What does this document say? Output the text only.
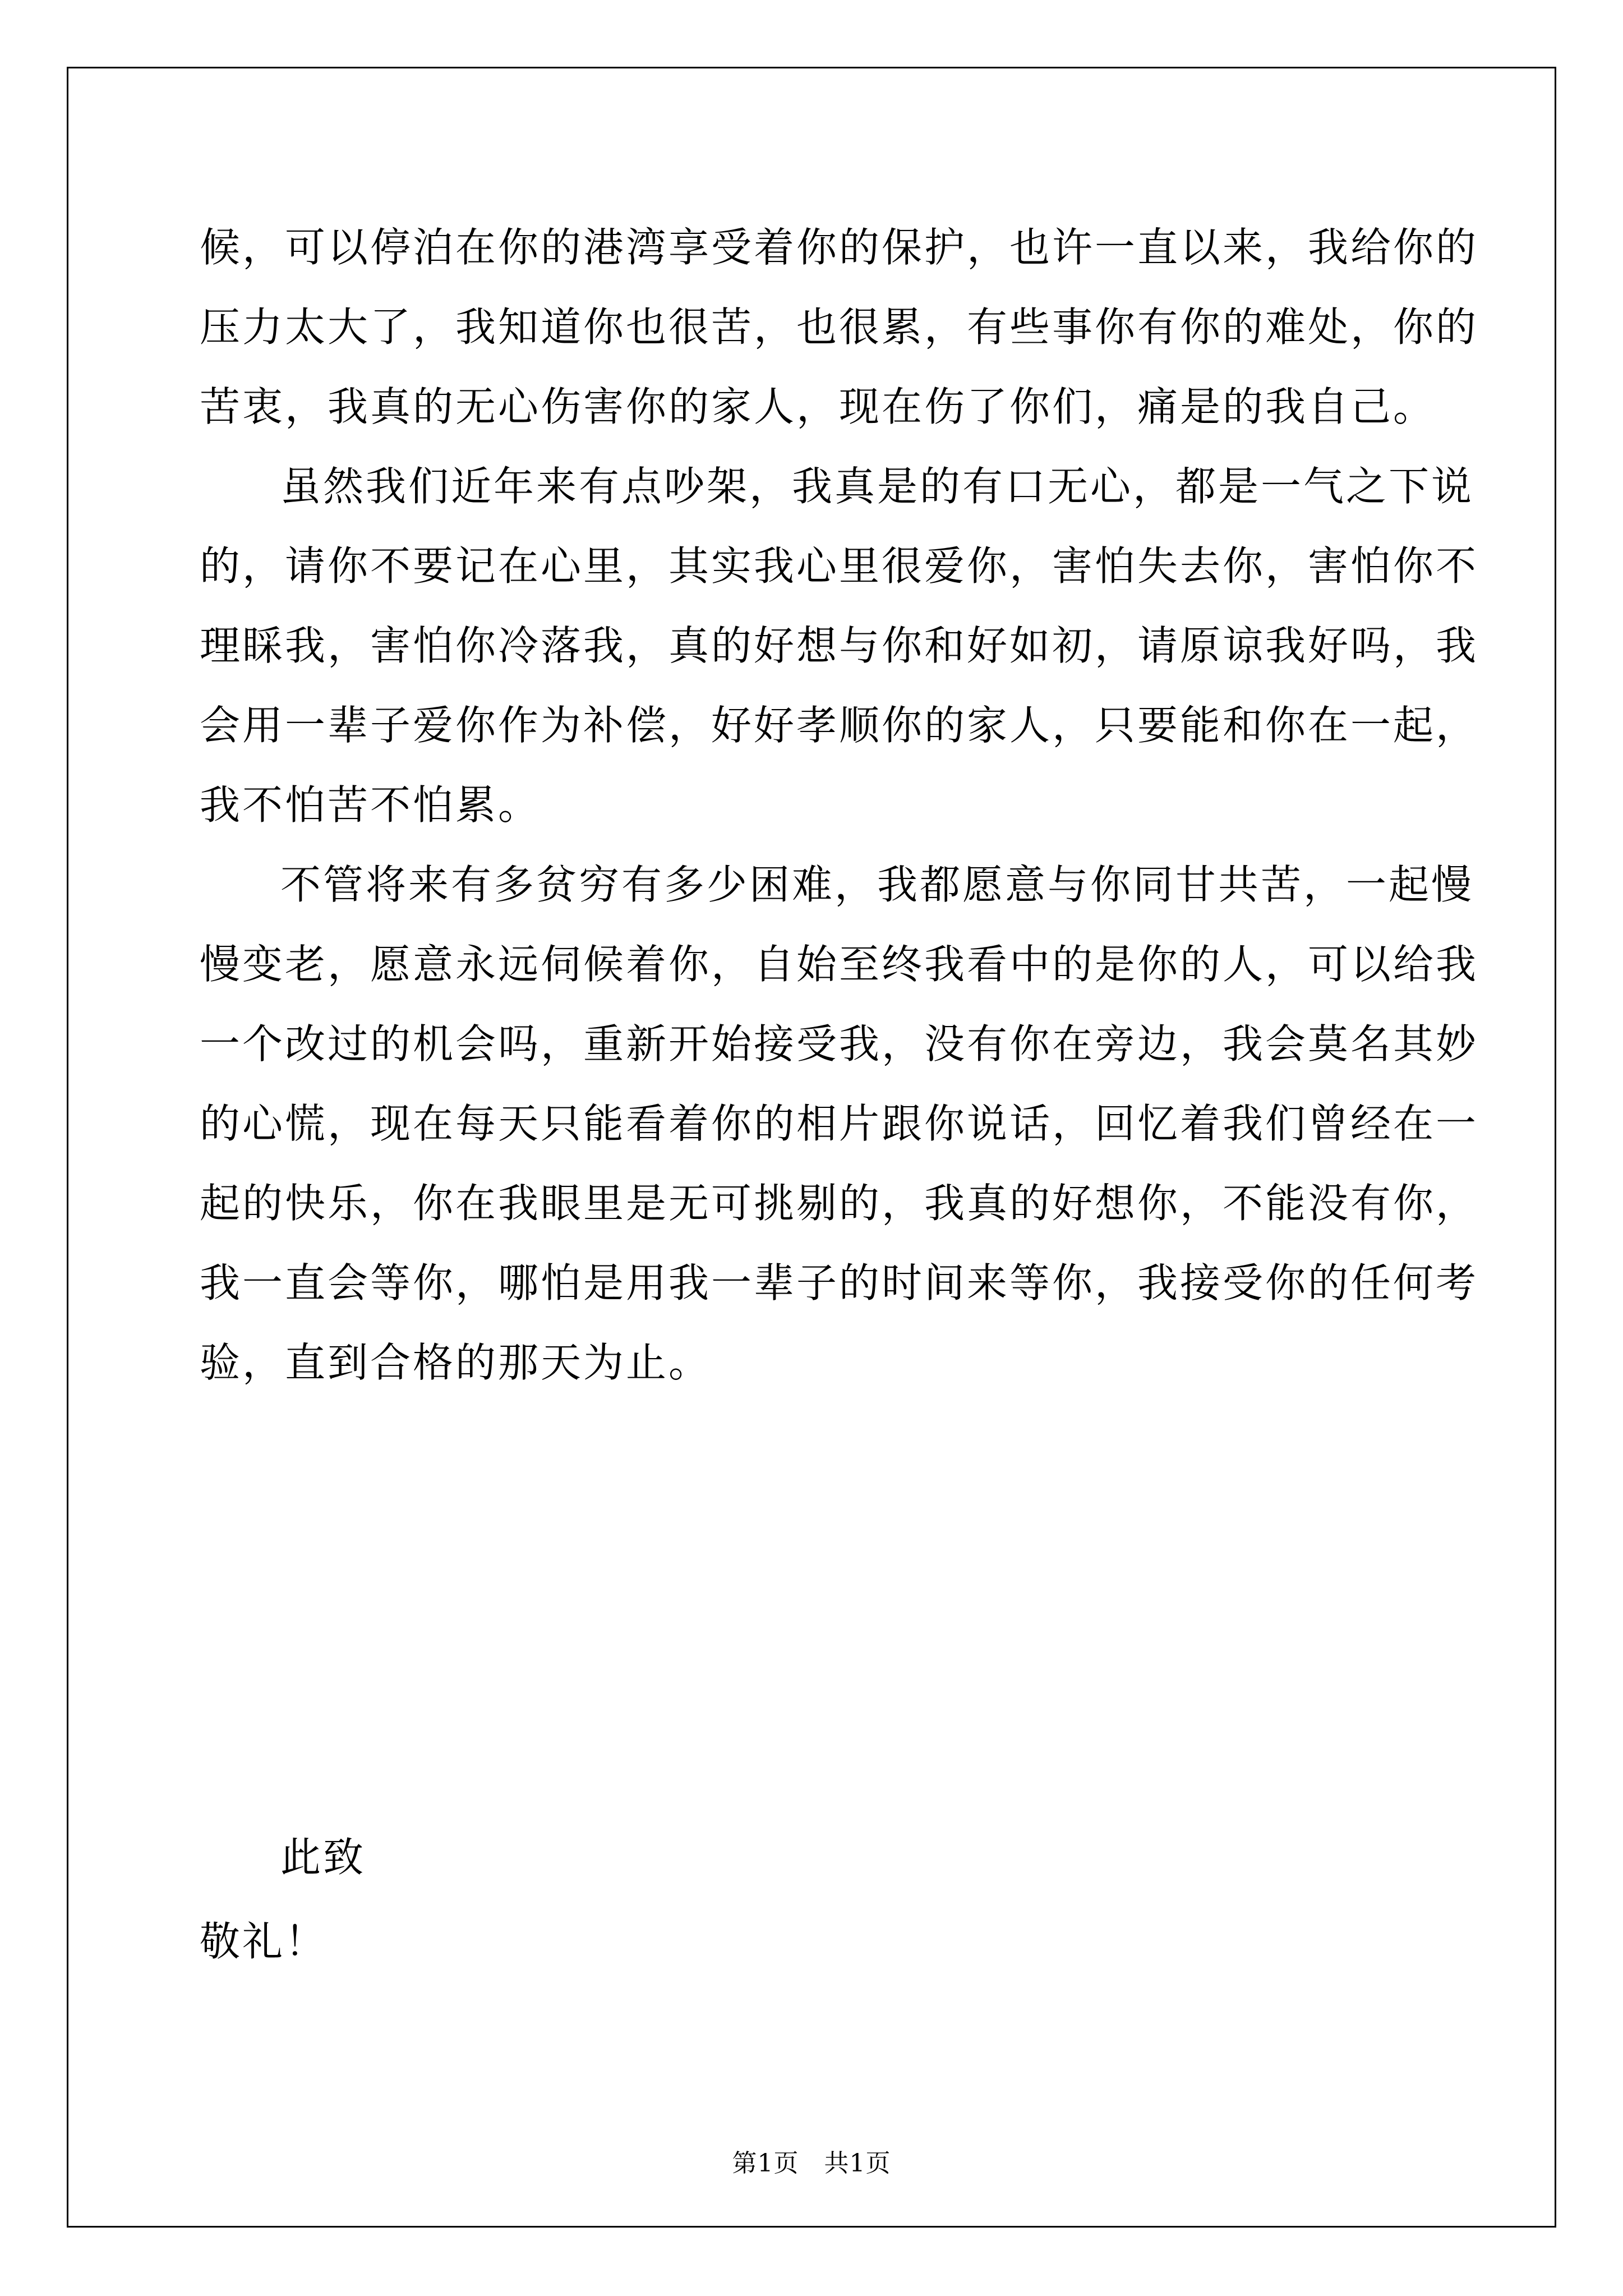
候，可以停泊在你的港湾享受着你的保护，也许一直以来，我给你的
压力太大了，我知道你也很苦，也很累，有些事你有你的难处，你的
苦衷，我真的无心伤害你的家人，现在伤了你们，痛是的我自己。
虽然我们近年来有点吵架，我真是的有口无心，都是一气之下说
的，请你不要记在心里，其实我心里很爱你，害怕失去你，害怕你不
理睬我，害怕你冷落我，真的好想与你和好如初，请原谅我好吗，我
会用一辈子爱你作为补偿，好好孝顺你的家人，只要能和你在一起，
我不怕苦不怕累。
不管将来有多贫穷有多少困难，我都愿意与你同甘共苦，一起慢
慢变老，愿意永远伺候着你，自始至终我看中的是你的人，可以给我
一个改过的机会吗，重新开始接受我，没有你在旁边，我会莫名其妙
的心慌，现在每天只能看着你的相片跟你说话，回忆着我们曾经在一
起的快乐，你在我眼里是无可挑剔的，我真的好想你，不能没有你，
我一直会等你，哪怕是用我一辈子的时间来等你，我接受你的任何考
验，直到合格的那天为止。
此致
敬礼！
第1页　共1页
